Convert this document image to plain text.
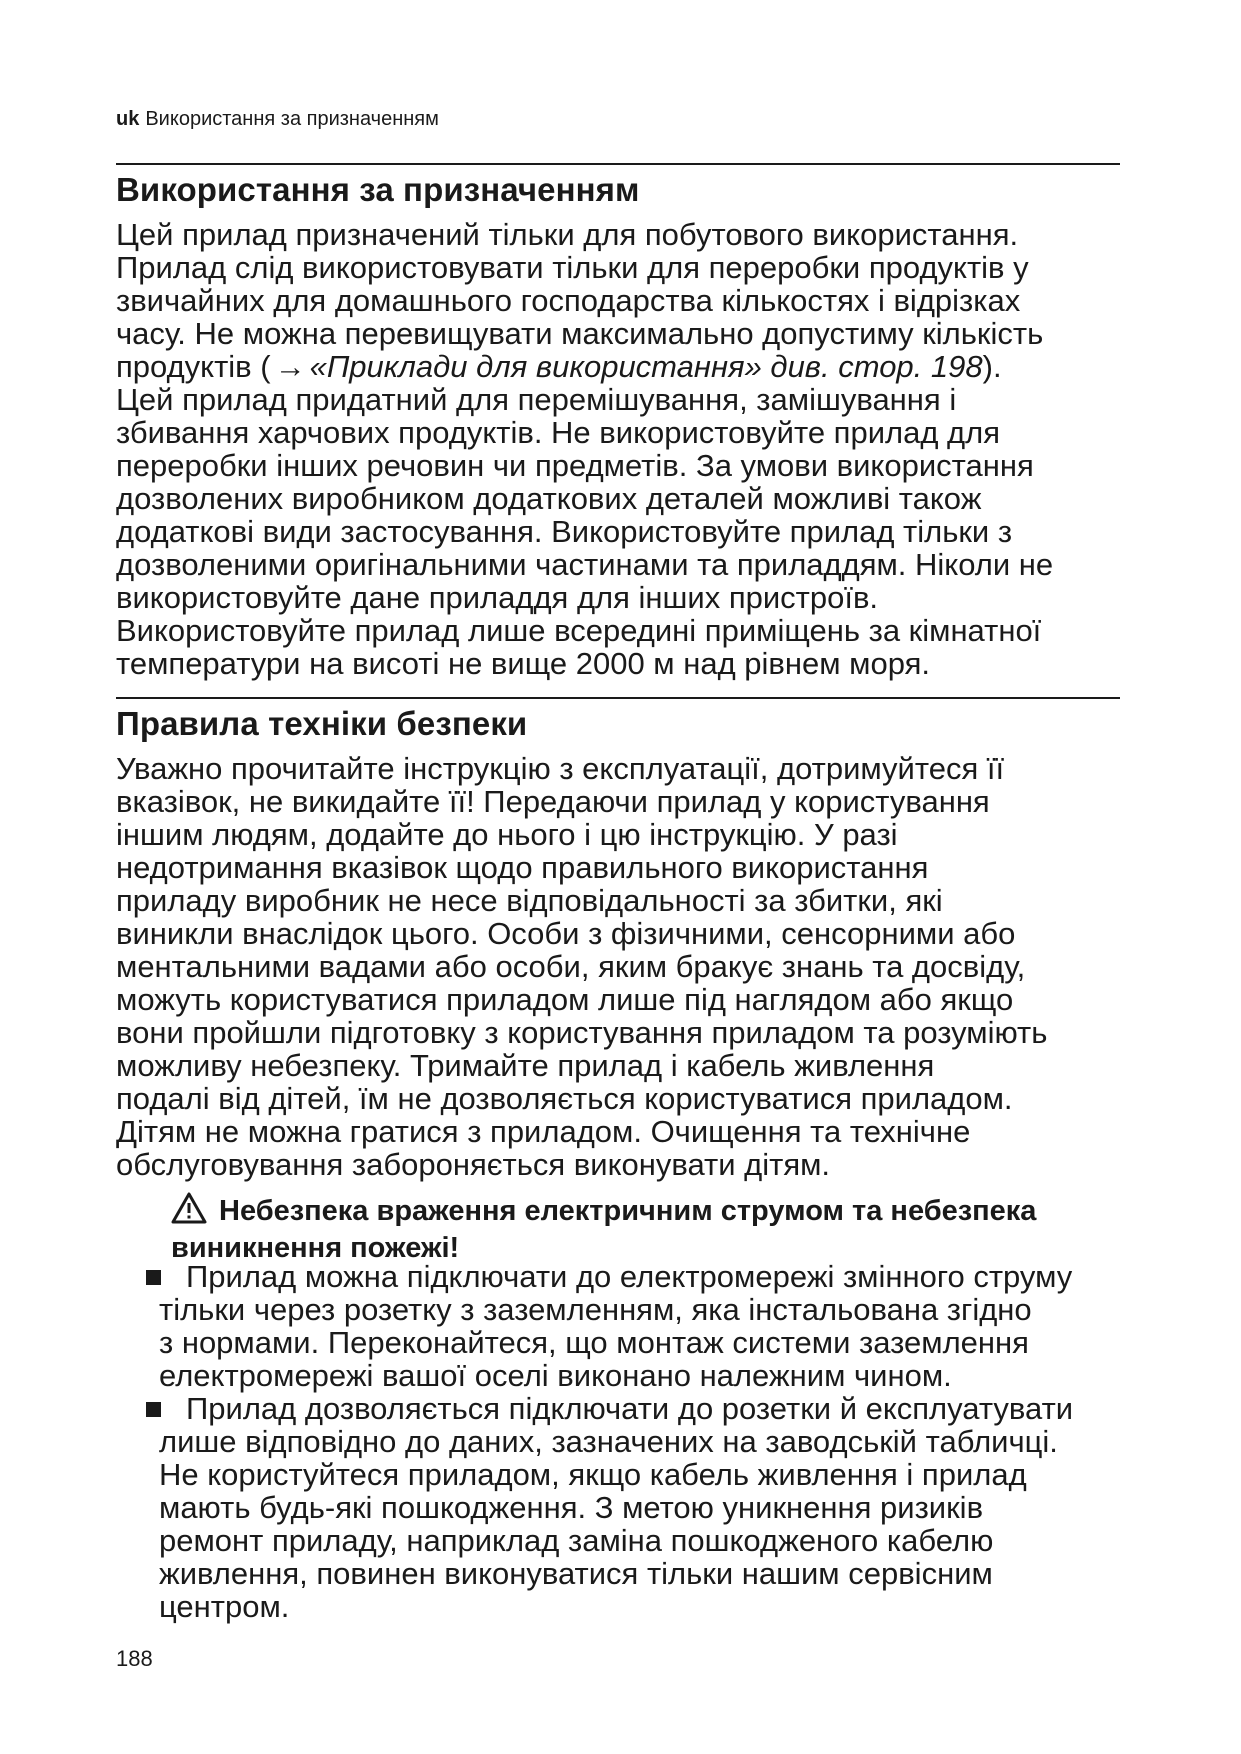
uk Використання за призначенням
Використання за призначенням
Цей прилад призначений тільки для побутового використання.
Прилад слід використовувати тільки для переробки продуктів у
звичайних для домашнього господарства кількостях і відрізках
часу. Не можна перевищувати максимально допустиму кількість
продуктів ( → «Приклади для використання» див. стор. 198).
Цей прилад придатний для перемішування, замішування і
збивання харчових продуктів. Не використовуйте прилад для
переробки інших речовин чи предметів. За умови використання
дозволених виробником додаткових деталей можливі також
додаткові види застосування. Використовуйте прилад тільки з
дозволеними оригінальними частинами та приладдям. Ніколи не
використовуйте дане приладдя для інших пристроїв.
Використовуйте прилад лише всередині приміщень за кімнатної
температури на висоті не вище 2000 м над рівнем моря.
Правила техніки безпеки
Уважно прочитайте інструкцію з експлуатації, дотримуйтеся її
вказівок, не викидайте її! Передаючи прилад у користування
іншим людям, додайте до нього і цю інструкцію. У разі
недотримання вказівок щодо правильного використання
приладу виробник не несе відповідальності за збитки, які
виникли внаслідок цього. Особи з фізичними, сенсорними або
ментальними вадами або особи, яким бракує знань та досвіду,
можуть користуватися приладом лише під наглядом або якщо
вони пройшли підготовку з користування приладом та розуміють
можливу небезпеку. Тримайте прилад і кабель живлення
подалі від дітей, їм не дозволяється користуватися приладом.
Дітям не можна гратися з приладом. Очищення та технічне
обслуговування забороняється виконувати дітям.
Небезпека враження електричним струмом та небезпека
виникнення пожежі!
Прилад можна підключати до електромережі змінного струму
тільки через розетку з заземленням, яка інстальована згідно
з нормами. Переконайтеся, що монтаж системи заземлення
електромережі вашої оселі виконано належним чином.
Прилад дозволяється підключати до розетки й експлуатувати
лише відповідно до даних, зазначених на заводській табличці.
Не користуйтеся приладом, якщо кабель живлення і прилад
мають будь-які пошкодження. З метою уникнення ризиків
ремонт приладу, наприклад заміна пошкодженого кабелю
живлення, повинен виконуватися тільки нашим сервісним
центром.
188
